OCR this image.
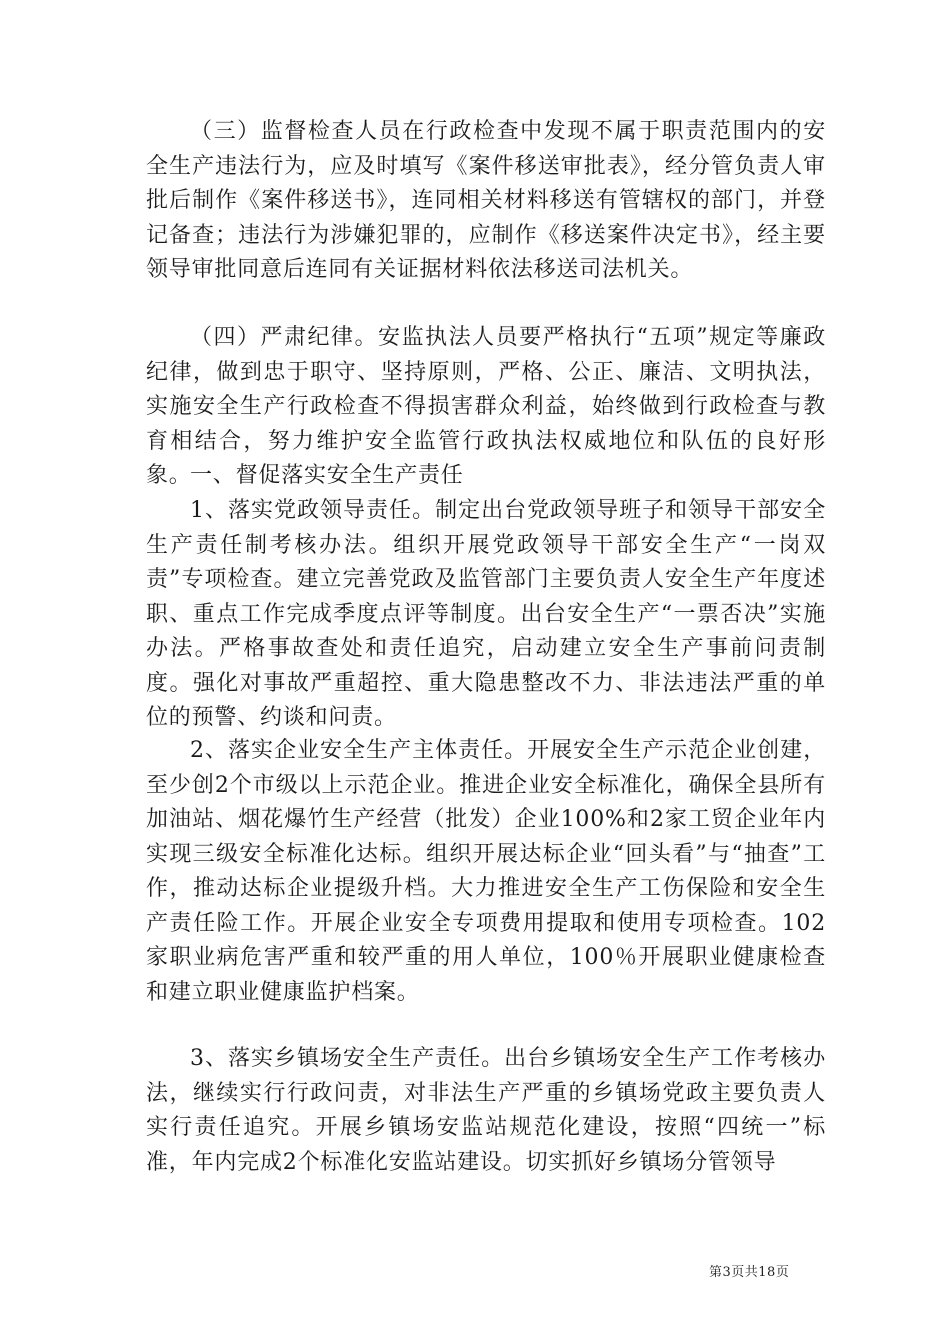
（三）监督检查人员在行政检查中发现不属于职责范围内的安全生产违法行为，应及时填写《案件移送审批表》，经分管负责人审批后制作《案件移送书》，连同相关材料移送有管辖权的部门，并登记备查；违法行为涉嫌犯罪的，应制作《移送案件决定书》，经主要领导审批同意后连同有关证据材料依法移送司法机关。

（四）严肃纪律。安监执法人员要严格执行“五项”规定等廉政纪律，做到忠于职守、坚持原则，严格、公正、廉洁、文明执法，实施安全生产行政检查不得损害群众利益，始终做到行政检查与教育相结合，努力维护安全监管行政执法权威地位和队伍的良好形象。

一、督促落实安全生产责任

1、落实党政领导责任。制定出台党政领导班子和领导干部安全生产责任制考核办法。组织开展党政领导干部安全生产“一岗双责”专项检查。建立完善党政及监管部门主要负责人安全生产年度述职、重点工作完成季度点评等制度。出台安全生产“一票否决”实施办法。严格事故查处和责任追究，启动建立安全生产事前问责制度。强化对事故严重超控、重大隐患整改不力、非法违法严重的单位的预警、约谈和问责。

2、落实企业安全生产主体责任。开展安全生产示范企业创建，至少创2个市级以上示范企业。推进企业安全标准化，确保全县所有加油站、烟花爆竹生产经营（批发）企业100%和2家工贸企业年内实现三级安全标准化达标。组织开展达标企业“回头看”与“抽查”工作，推动达标企业提级升档。大力推进安全生产工伤保险和安全生产责任险工作。开展企业安全专项费用提取和使用专项检查。102家职业病危害严重和较严重的用人单位，100％开展职业健康检查和建立职业健康监护档案。

3、落实乡镇场安全生产责任。出台乡镇场安全生产工作考核办法，继续实行行政问责，对非法生产严重的乡镇场党政主要负责人实行责任追究。开展乡镇场安监站规范化建设，按照“四统一”标准，年内完成2个标准化安监站建设。切实抓好乡镇场分管领导

第3页共18页
